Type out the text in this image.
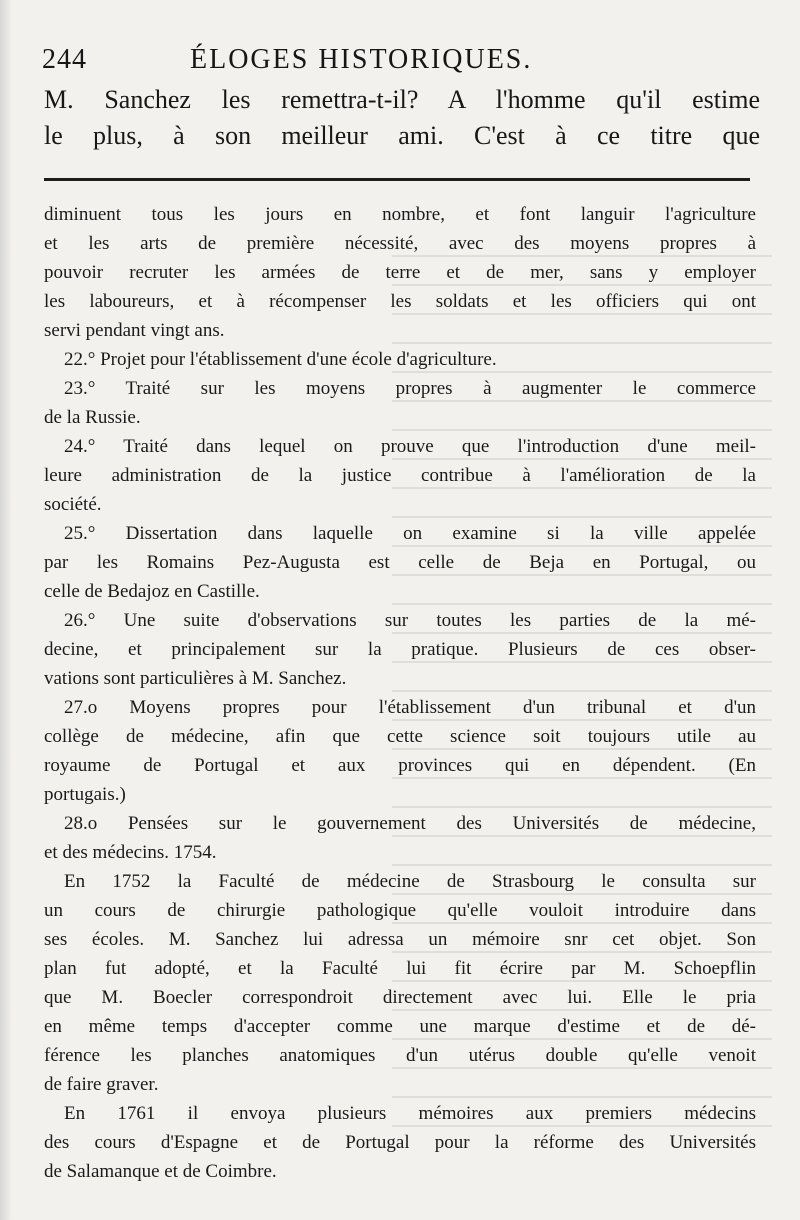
244	ÉLOGES HISTORIQUES.
M. Sanchez les remettra-t-il? A l'homme qu'il estime
le plus, à son meilleur ami. C'est à ce titre que
diminuent tous les jours en nombre, et font languir l'agriculture
et les arts de première nécessité, avec des moyens propres à
pouvoir recruter les armées de terre et de mer, sans y employer
les laboureurs, et à récompenser les soldats et les officiers qui ont
servi pendant vingt ans.
22.° Projet pour l'établissement d'une école d'agriculture.
23.° Traité sur les moyens propres à augmenter le commerce
de la Russie.
24.° Traité dans lequel on prouve que l'introduction d'une meil-
leure administration de la justice contribue à l'amélioration de la
société.
25.° Dissertation dans laquelle on examine si la ville appelée
par les Romains Pez-Augusta est celle de Beja en Portugal, ou
celle de Bedajoz en Castille.
26.° Une suite d'observations sur toutes les parties de la mé-
decine, et principalement sur la pratique. Plusieurs de ces obser-
vations sont particulières à M. Sanchez.
27.o Moyens propres pour l'établissement d'un tribunal et d'un
collège de médecine, afin que cette science soit toujours utile au
royaume de Portugal et aux provinces qui en dépendent. (En
portugais.)
28.o Pensées sur le gouvernement des Universités de médecine,
et des médecins. 1754.
En 1752 la Faculté de médecine de Strasbourg le consulta sur
un cours de chirurgie pathologique qu'elle vouloit introduire dans
ses écoles. M. Sanchez lui adressa un mémoire snr cet objet. Son
plan fut adopté, et la Faculté lui fit écrire par M. Schoepflin
que M. Boecler correspondroit directement avec lui. Elle le pria
en même temps d'accepter comme une marque d'estime et de dé-
férence les planches anatomiques d'un utérus double qu'elle venoit
de faire graver.
En 1761 il envoya plusieurs mémoires aux premiers médecins
des cours d'Espagne et de Portugal pour la réforme des Universités
de Salamanque et de Coimbre.
